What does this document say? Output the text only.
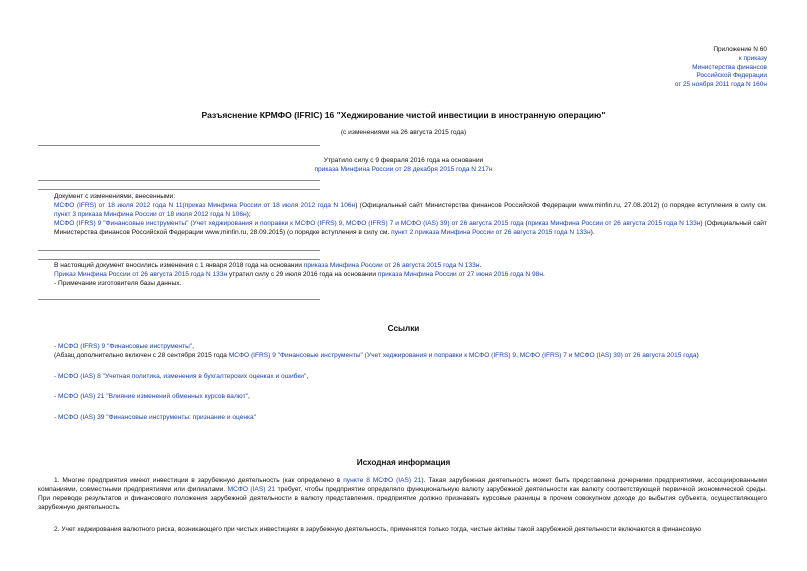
Приложение N 60
к приказу
Министерства финансов
Российской Федерации
от 25 ноября 2011 года N 160н
Разъяснение КРМФО (IFRIC) 16 "Хеджирование чистой инвестиции в иностранную операцию"
(с изменениями на 26 августа 2015 года)
Утратило силу с 9 февраля 2016 года на основании
приказа Минфина России от 28 декабря 2015 года N 217н
Документ с изменениями, внесенными:
МСФО (IFRS) от 18 июля 2012 года N 11(приказ Минфина России от 18 июля 2012 года N 106н) (Официальный сайт Министерства финансов Российской Федерации www.minfin.ru, 27.08.2012) (о порядке вступления в силу см. пункт 3 приказа Минфина России от 18 июля 2012 года N 106н);
МСФО (IFRS) 9 "Финансовые инструменты" (Учет хеджирования и поправки к МСФО (IFRS) 9, МСФО (IFRS) 7 и МСФО (IAS) 39) от 26 августа 2015 года (приказ Минфина России от 26 августа 2015 года N 133н) (Официальный сайт Министерства финансов Российской Федерации www.minfin.ru, 28.09.2015) (о порядке вступления в силу см. пункт 2 приказа Минфина России от 26 августа 2015 года N 133н).
В настоящий документ вносились изменения с 1 января 2018 года на основании приказа Минфина России от 26 августа 2015 года N 133н.
Приказ Минфина России от 26 августа 2015 года N 133н утратил силу с 29 июля 2016 года на основании приказа Минфина России от 27 июня 2016 года N 98н.
- Примечание изготовителя базы данных.
Ссылки
- МСФО (IFRS) 9 "Финансовые инструменты",
(Абзац дополнительно включен с 28 сентября 2015 года МСФО (IFRS) 9 "Финансовые инструменты" (Учет хеджирования и поправки к МСФО (IFRS) 9, МСФО (IFRS) 7 и МСФО (IAS) 39) от 26 августа 2015 года)
- МСФО (IAS) 8 "Учетная политика, изменения в бухгалтерских оценках и ошибки",
- МСФО (IAS) 21 "Влияние изменений обменных курсов валют",
- МСФО (IAS) 39 "Финансовые инструменты: признание и оценка"
Исходная информация
1. Многие предприятия имеют инвестиции в зарубежную деятельность (как определено в пункте 8 МСФО (IAS) 21). Такая зарубежная деятельность может быть представлена дочерними предприятиями, ассоциированными компаниями, совместными предприятиями или филиалами. МСФО (IAS) 21 требует, чтобы предприятие определяло функциональную валюту зарубежной деятельности как валюту соответствующей первичной экономической среды. При переводе результатов и финансового положения зарубежной деятельности в валюту представления, предприятие должно признавать курсовые разницы в прочем совокупном доходе до выбытия субъекта, осуществляющего зарубежную деятельность.
2. Учет хеджирования валютного риска, возникающего при чистых инвестициях в зарубежную деятельность, применятся только тогда, чистые активы такой зарубежной деятельности включаются в финансовую
